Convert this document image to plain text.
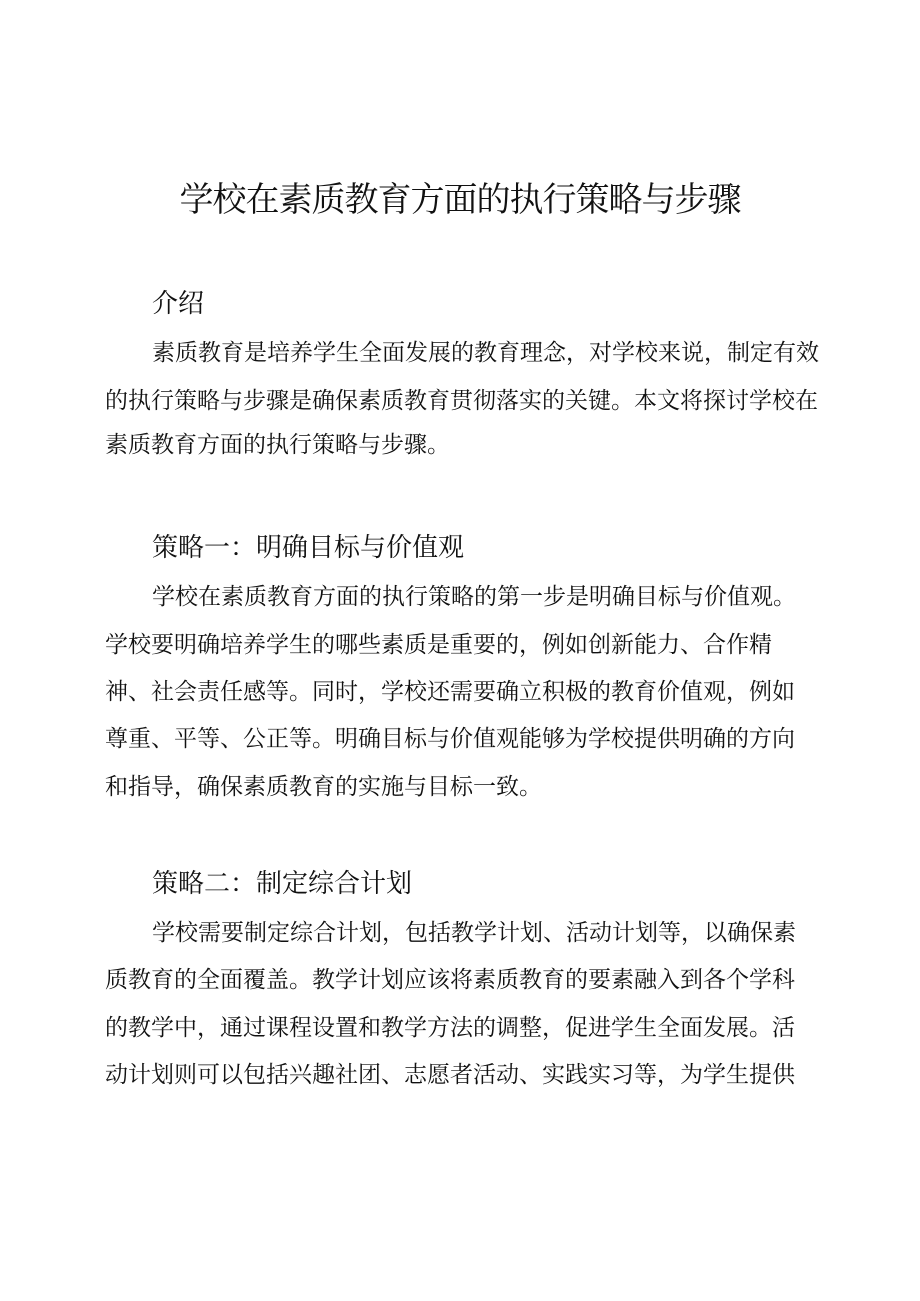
学校在素质教育方面的执行策略与步骤
介绍

素质教育是培养学生全面发展的教育理念，对学校来说，制定有效

的执行策略与步骤是确保素质教育贯彻落实的关键。本文将探讨学校在

素质教育方面的执行策略与步骤。

策略一：明确目标与价值观

学校在素质教育方面的执行策略的第一步是明确目标与价值观。

学校要明确培养学生的哪些素质是重要的，例如创新能力、合作精

神、社会责任感等。同时，学校还需要确立积极的教育价值观，例如

尊重、平等、公正等。明确目标与价值观能够为学校提供明确的方向

和指导，确保素质教育的实施与目标一致。

策略二：制定综合计划

学校需要制定综合计划，包括教学计划、活动计划等，以确保素

质教育的全面覆盖。教学计划应该将素质教育的要素融入到各个学科

的教学中，通过课程设置和教学方法的调整，促进学生全面发展。活

动计划则可以包括兴趣社团、志愿者活动、实践实习等，为学生提供
